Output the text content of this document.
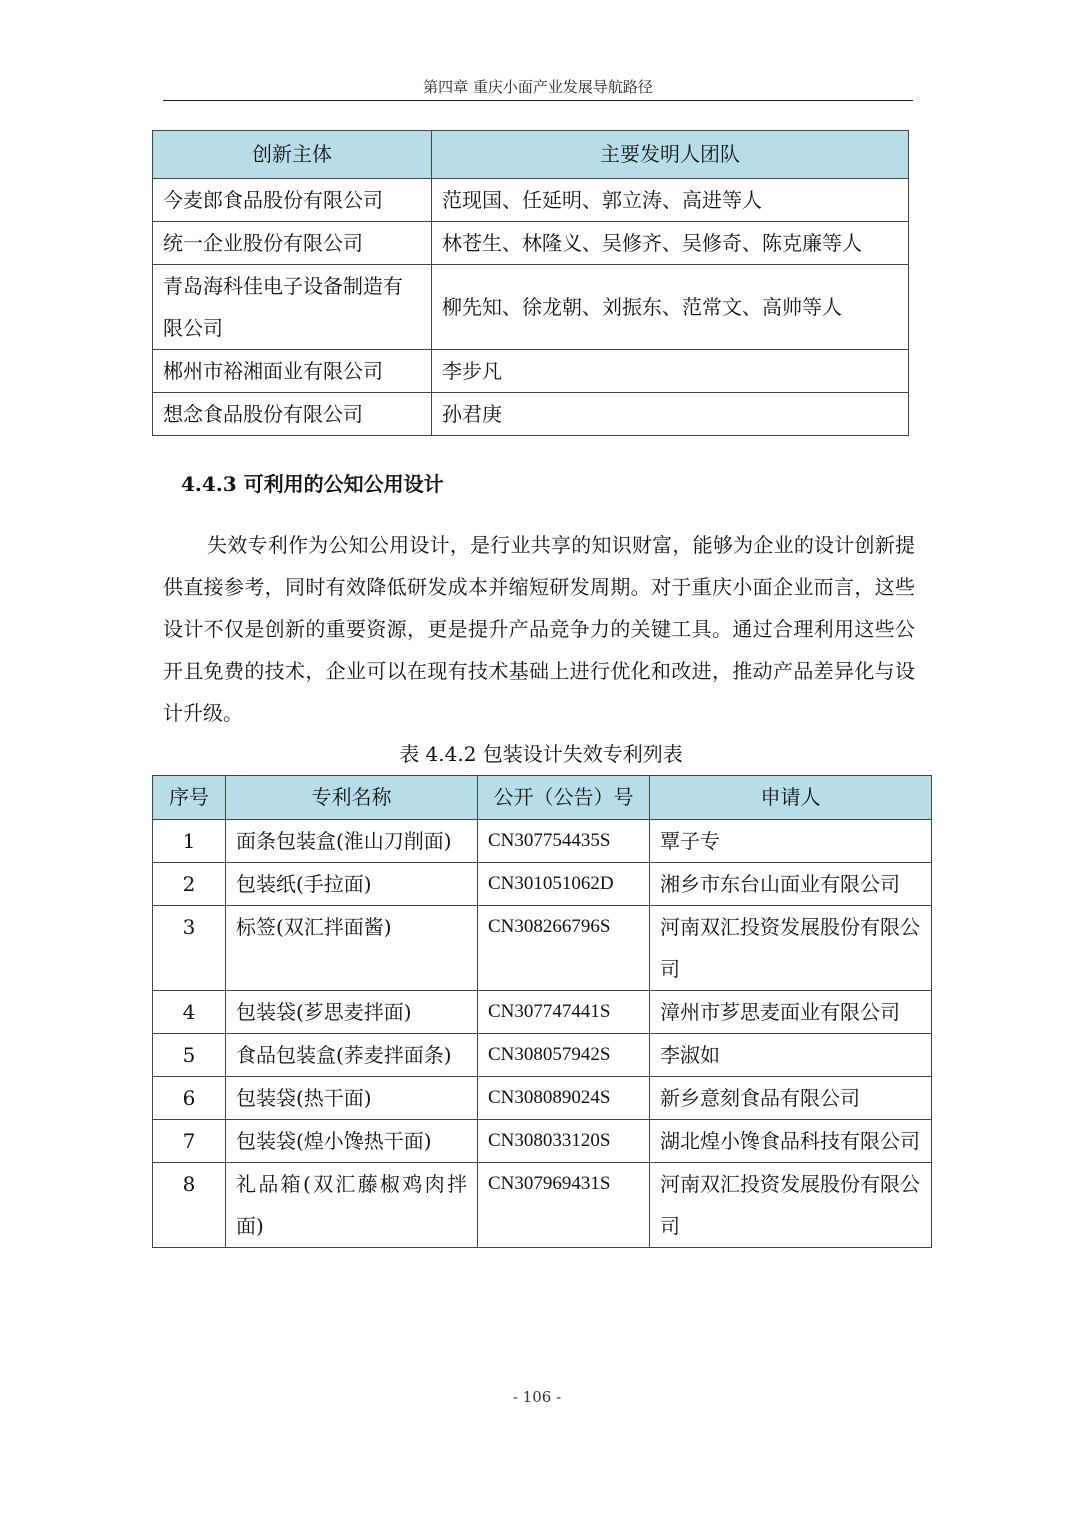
第四章 重庆小面产业发展导航路径
创新主体	主要发明人团队
今麦郎食品股份有限公司	范现国、任延明、郭立涛、高进等人
统一企业股份有限公司	林苍生、林隆义、吴修齐、吴修奇、陈克廉等人
青岛海科佳电子设备制造有限公司	柳先知、徐龙朝、刘振东、范常文、高帅等人
郴州市裕湘面业有限公司	李步凡
想念食品股份有限公司	孙君庚
4.4.3 可利用的公知公用设计

失效专利作为公知公用设计，是行业共享的知识财富，能够为企业的设计创新提供直接参考，同时有效降低研发成本并缩短研发周期。对于重庆小面企业而言，这些设计不仅是创新的重要资源，更是提升产品竞争力的关键工具。通过合理利用这些公开且免费的技术，企业可以在现有技术基础上进行优化和改进，推动产品差异化与设计升级。

表 4.4.2 包装设计失效专利列表
序号	专利名称	公开（公告）号	申请人
1	面条包装盒(淮山刀削面)	CN307754435S	覃子专
2	包装纸(手拉面)	CN301051062D	湘乡市东台山面业有限公司
3	标签(双汇拌面酱)	CN308266796S	河南双汇投资发展股份有限公司
4	包装袋(芗思麦拌面)	CN307747441S	漳州市芗思麦面业有限公司
5	食品包装盒(荞麦拌面条)	CN308057942S	李淑如
6	包装袋(热干面)	CN308089024S	新乡意刻食品有限公司
7	包装袋(煌小馋热干面)	CN308033120S	湖北煌小馋食品科技有限公司
8	礼品箱(双汇藤椒鸡肉拌面)	CN307969431S	河南双汇投资发展股份有限公司
- 106 -
